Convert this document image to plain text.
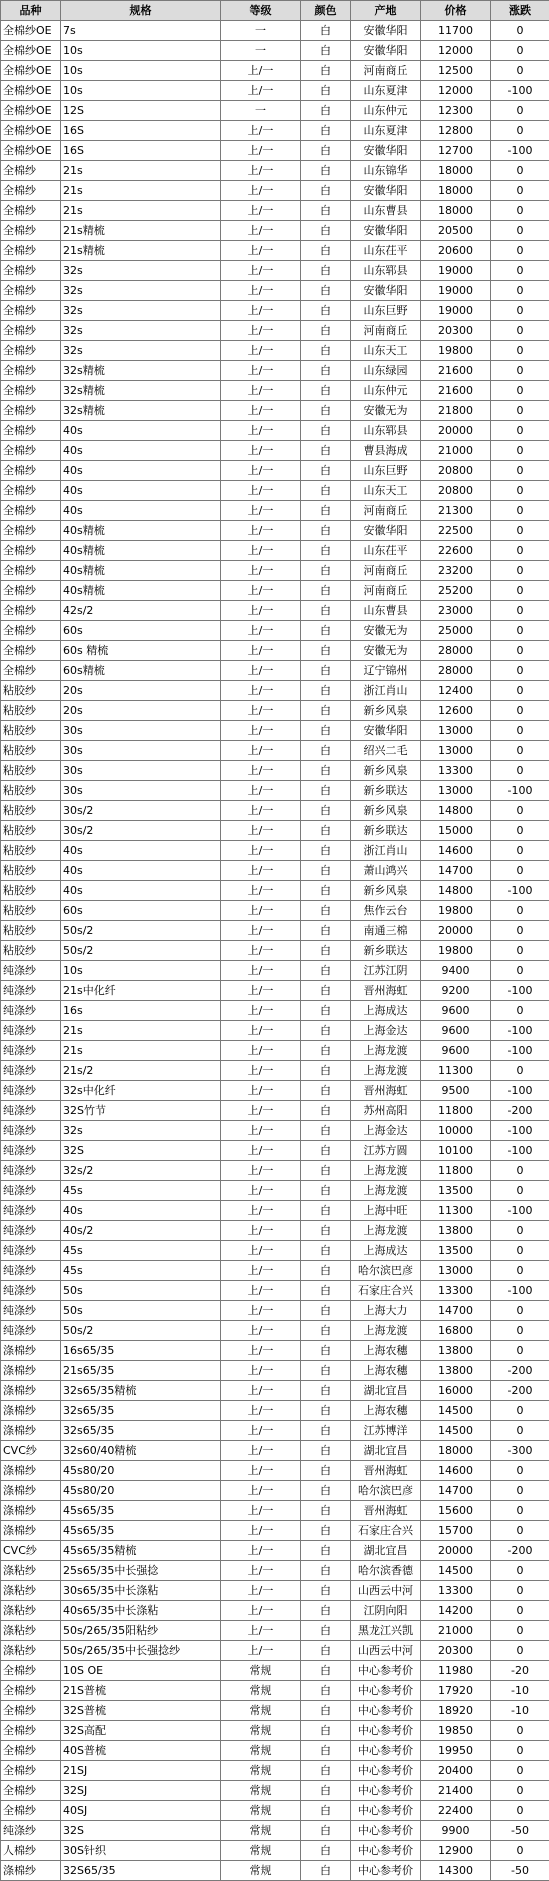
品种	规格	等级	颜色	产地	价格	涨跌
全棉纱OE	7s	一	白	安徽华阳	11700	0
全棉纱OE	10s	一	白	安徽华阳	12000	0
全棉纱OE	10s	上/一	白	河南商丘	12500	0
全棉纱OE	10s	上/一	白	山东夏津	12000	-100
全棉纱OE	12S	一	白	山东仲元	12300	0
全棉纱OE	16S	上/一	白	山东夏津	12800	0
全棉纱OE	16S	上/一	白	安徽华阳	12700	-100
全棉纱	21s	上/一	白	山东锦华	18000	0
全棉纱	21s	上/一	白	安徽华阳	18000	0
全棉纱	21s	上/一	白	山东曹县	18000	0
全棉纱	21s精梳	上/一	白	安徽华阳	20500	0
全棉纱	21s精梳	上/一	白	山东茌平	20600	0
全棉纱	32s	上/一	白	山东郓县	19000	0
全棉纱	32s	上/一	白	安徽华阳	19000	0
全棉纱	32s	上/一	白	山东巨野	19000	0
全棉纱	32s	上/一	白	河南商丘	20300	0
全棉纱	32s	上/一	白	山东天工	19800	0
全棉纱	32s精梳	上/一	白	山东绿园	21600	0
全棉纱	32s精梳	上/一	白	山东仲元	21600	0
全棉纱	32s精梳	上/一	白	安徽无为	21800	0
全棉纱	40s	上/一	白	山东郓县	20000	0
全棉纱	40s	上/一	白	曹县海成	21000	0
全棉纱	40s	上/一	白	山东巨野	20800	0
全棉纱	40s	上/一	白	山东天工	20800	0
全棉纱	40s	上/一	白	河南商丘	21300	0
全棉纱	40s精梳	上/一	白	安徽华阳	22500	0
全棉纱	40s精梳	上/一	白	山东茌平	22600	0
全棉纱	40s精梳	上/一	白	河南商丘	23200	0
全棉纱	40s精梳	上/一	白	河南商丘	25200	0
全棉纱	42s/2	上/一	白	山东曹县	23000	0
全棉纱	60s	上/一	白	安徽无为	25000	0
全棉纱	60s 精梳	上/一	白	安徽无为	28000	0
全棉纱	60s精梳	上/一	白	辽宁锦州	28000	0
粘胶纱	20s	上/一	白	浙江肖山	12400	0
粘胶纱	20s	上/一	白	新乡风泉	12600	0
粘胶纱	30s	上/一	白	安徽华阳	13000	0
粘胶纱	30s	上/一	白	绍兴二毛	13000	0
粘胶纱	30s	上/一	白	新乡风泉	13300	0
粘胶纱	30s	上/一	白	新乡联达	13000	-100
粘胶纱	30s/2	上/一	白	新乡风泉	14800	0
粘胶纱	30s/2	上/一	白	新乡联达	15000	0
粘胶纱	40s	上/一	白	浙江肖山	14600	0
粘胶纱	40s	上/一	白	萧山鸿兴	14700	0
粘胶纱	40s	上/一	白	新乡风泉	14800	-100
粘胶纱	60s	上/一	白	焦作云台	19800	0
粘胶纱	50s/2	上/一	白	南通三棉	20000	0
粘胶纱	50s/2	上/一	白	新乡联达	19800	0
纯涤纱	10s	上/一	白	江苏江阴	9400	0
纯涤纱	21s中化纤	上/一	白	晋州海虹	9200	-100
纯涤纱	16s	上/一	白	上海成达	9600	0
纯涤纱	21s	上/一	白	上海金达	9600	-100
纯涤纱	21s	上/一	白	上海龙渡	9600	-100
纯涤纱	21s/2	上/一	白	上海龙渡	11300	0
纯涤纱	32s中化纤	上/一	白	晋州海虹	9500	-100
纯涤纱	32S竹节	上/一	白	苏州高阳	11800	-200
纯涤纱	32s	上/一	白	上海金达	10000	-100
纯涤纱	32S	上/一	白	江苏方圆	10100	-100
纯涤纱	32s/2	上/一	白	上海龙渡	11800	0
纯涤纱	45s	上/一	白	上海龙渡	13500	0
纯涤纱	40s	上/一	白	上海中旺	11300	-100
纯涤纱	40s/2	上/一	白	上海龙渡	13800	0
纯涤纱	45s	上/一	白	上海成达	13500	0
纯涤纱	45s	上/一	白	哈尔滨巴彦	13000	0
纯涤纱	50s	上/一	白	石家庄合兴	13300	-100
纯涤纱	50s	上/一	白	上海大力	14700	0
纯涤纱	50s/2	上/一	白	上海龙渡	16800	0
涤棉纱	16s65/35	上/一	白	上海农穗	13800	0
涤棉纱	21s65/35	上/一	白	上海农穗	13800	-200
涤棉纱	32s65/35精梳	上/一	白	湖北宜昌	16000	-200
涤棉纱	32s65/35	上/一	白	上海农穗	14500	0
涤棉纱	32s65/35	上/一	白	江苏博洋	14500	0
CVC纱	32s60/40精梳	上/一	白	湖北宜昌	18000	-300
涤棉纱	45s80/20	上/一	白	晋州海虹	14600	0
涤棉纱	45s80/20	上/一	白	哈尔滨巴彦	14700	0
涤棉纱	45s65/35	上/一	白	晋州海虹	15600	0
涤棉纱	45s65/35	上/一	白	石家庄合兴	15700	0
CVC纱	45s65/35精梳	上/一	白	湖北宜昌	20000	-200
涤粘纱	25s65/35中长强捻	上/一	白	哈尔滨香德	14500	0
涤粘纱	30s65/35中长涤粘	上/一	白	山西云中河	13300	0
涤粘纱	40s65/35中长涤粘	上/一	白	江阴向阳	14200	0
涤粘纱	50s/265/35阳粘纱	上/一	白	黑龙江兴凯	21000	0
涤粘纱	50s/265/35中长强捻纱	上/一	白	山西云中河	20300	0
全棉纱	10S OE	常规	白	中心参考价	11980	-20
全棉纱	21S普梳	常规	白	中心参考价	17920	-10
全棉纱	32S普梳	常规	白	中心参考价	18920	-10
全棉纱	32S高配	常规	白	中心参考价	19850	0
全棉纱	40S普梳	常规	白	中心参考价	19950	0
全棉纱	21SJ	常规	白	中心参考价	20400	0
全棉纱	32SJ	常规	白	中心参考价	21400	0
全棉纱	40SJ	常规	白	中心参考价	22400	0
纯涤纱	32S	常规	白	中心参考价	9900	-50
人棉纱	30S针织	常规	白	中心参考价	12900	0
涤棉纱	32S65/35	常规	白	中心参考价	14300	-50
